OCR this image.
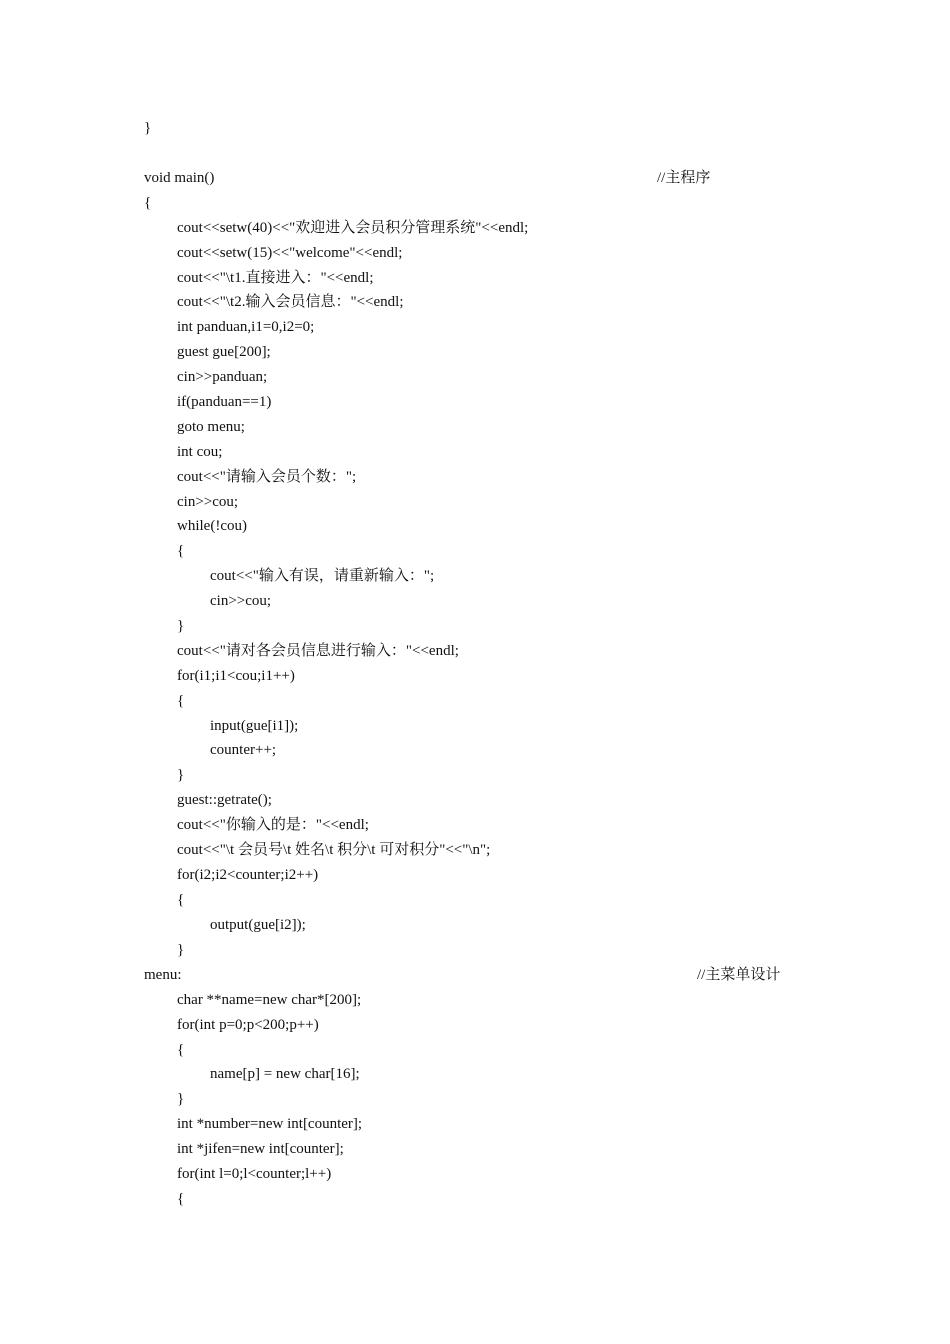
}
void main()	//主程序
{
cout<<setw(40)<<"欢迎进入会员积分管理系统"<<endl;
cout<<setw(15)<<"welcome"<<endl;
cout<<"\t1.直接进入："<<endl;
cout<<"\t2.输入会员信息："<<endl;
int panduan,i1=0,i2=0;
guest gue[200];
cin>>panduan;
if(panduan==1)
goto menu;
int cou;
cout<<"请输入会员个数：";
cin>>cou;
while(!cou)
{
cout<<"输入有误，请重新输入：";
cin>>cou;
}
cout<<"请对各会员信息进行输入："<<endl;
for(i1;i1<cou;i1++)
{
input(gue[i1]);
counter++;
}
guest::getrate();
cout<<"你输入的是："<<endl;
cout<<"\t 会员号\t 姓名\t 积分\t 可对积分"<<"\n";
for(i2;i2<counter;i2++)
{
output(gue[i2]);
}
menu:	//主菜单设计
char **name=new char*[200];
for(int p=0;p<200;p++)
{
name[p] = new char[16];
}
int *number=new int[counter];
int *jifen=new int[counter];
for(int l=0;l<counter;l++)
{
